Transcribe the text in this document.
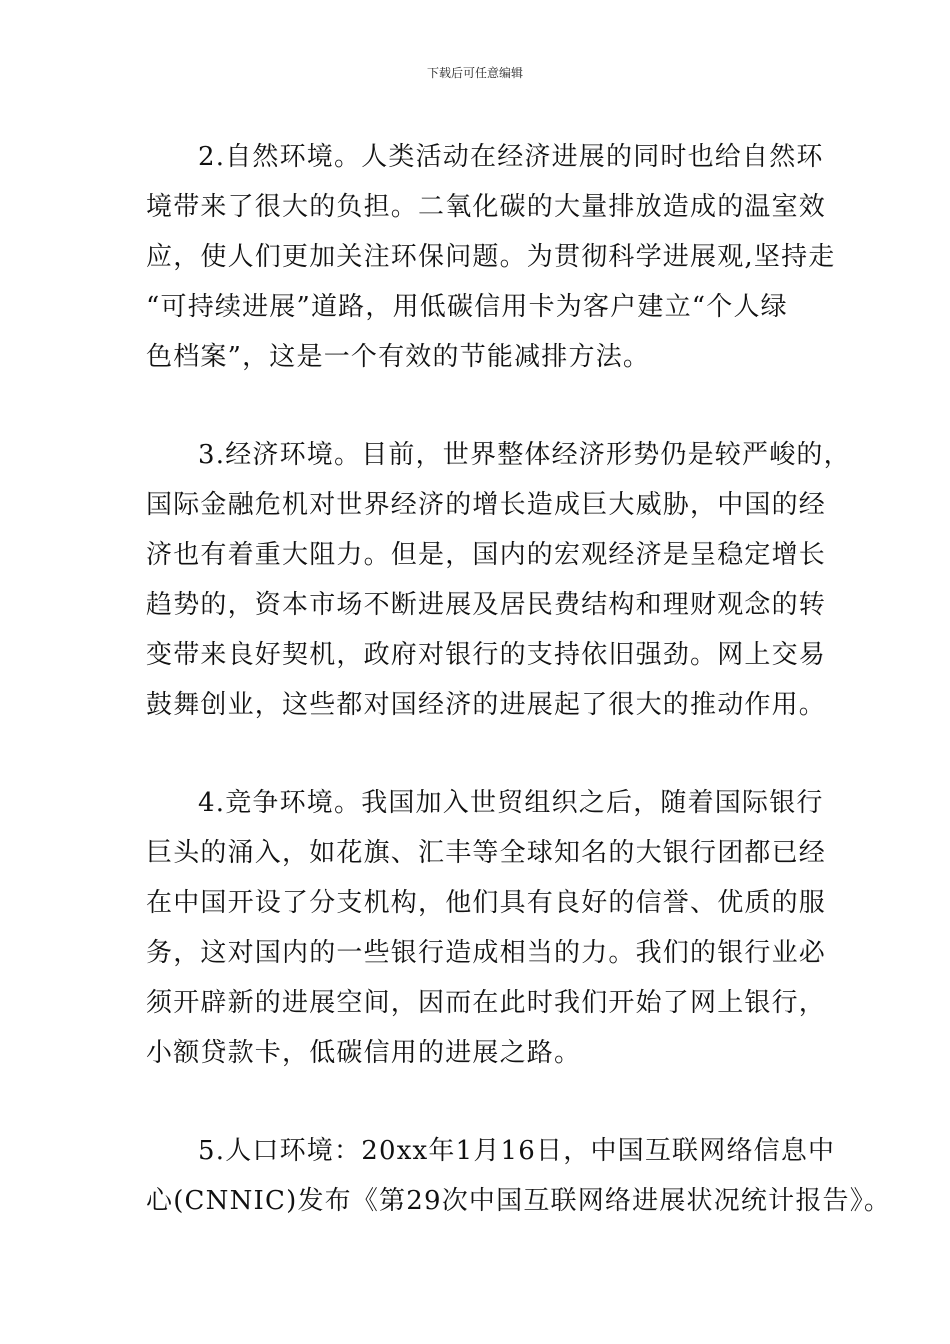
下载后可任意编辑
2.自然环境。人类活动在经济进展的同时也给自然环
境带来了很大的负担。二氧化碳的大量排放造成的温室效
应，使人们更加关注环保问题。为贯彻科学进展观,坚持走
“可持续进展”道路，用低碳信用卡为客户建立“个人绿
色档案”，这是一个有效的节能减排方法。
3.经济环境。目前，世界整体经济形势仍是较严峻的，
国际金融危机对世界经济的增长造成巨大威胁，中国的经
济也有着重大阻力。但是，国内的宏观经济是呈稳定增长
趋势的，资本市场不断进展及居民费结构和理财观念的转
变带来良好契机，政府对银行的支持依旧强劲。网上交易
鼓舞创业，这些都对国经济的进展起了很大的推动作用。
4.竞争环境。我国加入世贸组织之后，随着国际银行
巨头的涌入，如花旗、汇丰等全球知名的大银行团都已经
在中国开设了分支机构，他们具有良好的信誉、优质的服
务，这对国内的一些银行造成相当的力。我们的银行业必
须开辟新的进展空间，因而在此时我们开始了网上银行，
小额贷款卡，低碳信用的进展之路。
5.人口环境：20xx年1月16日，中国互联网络信息中
心(CNNIC)发布《第29次中国互联网络进展状况统计报告》。
